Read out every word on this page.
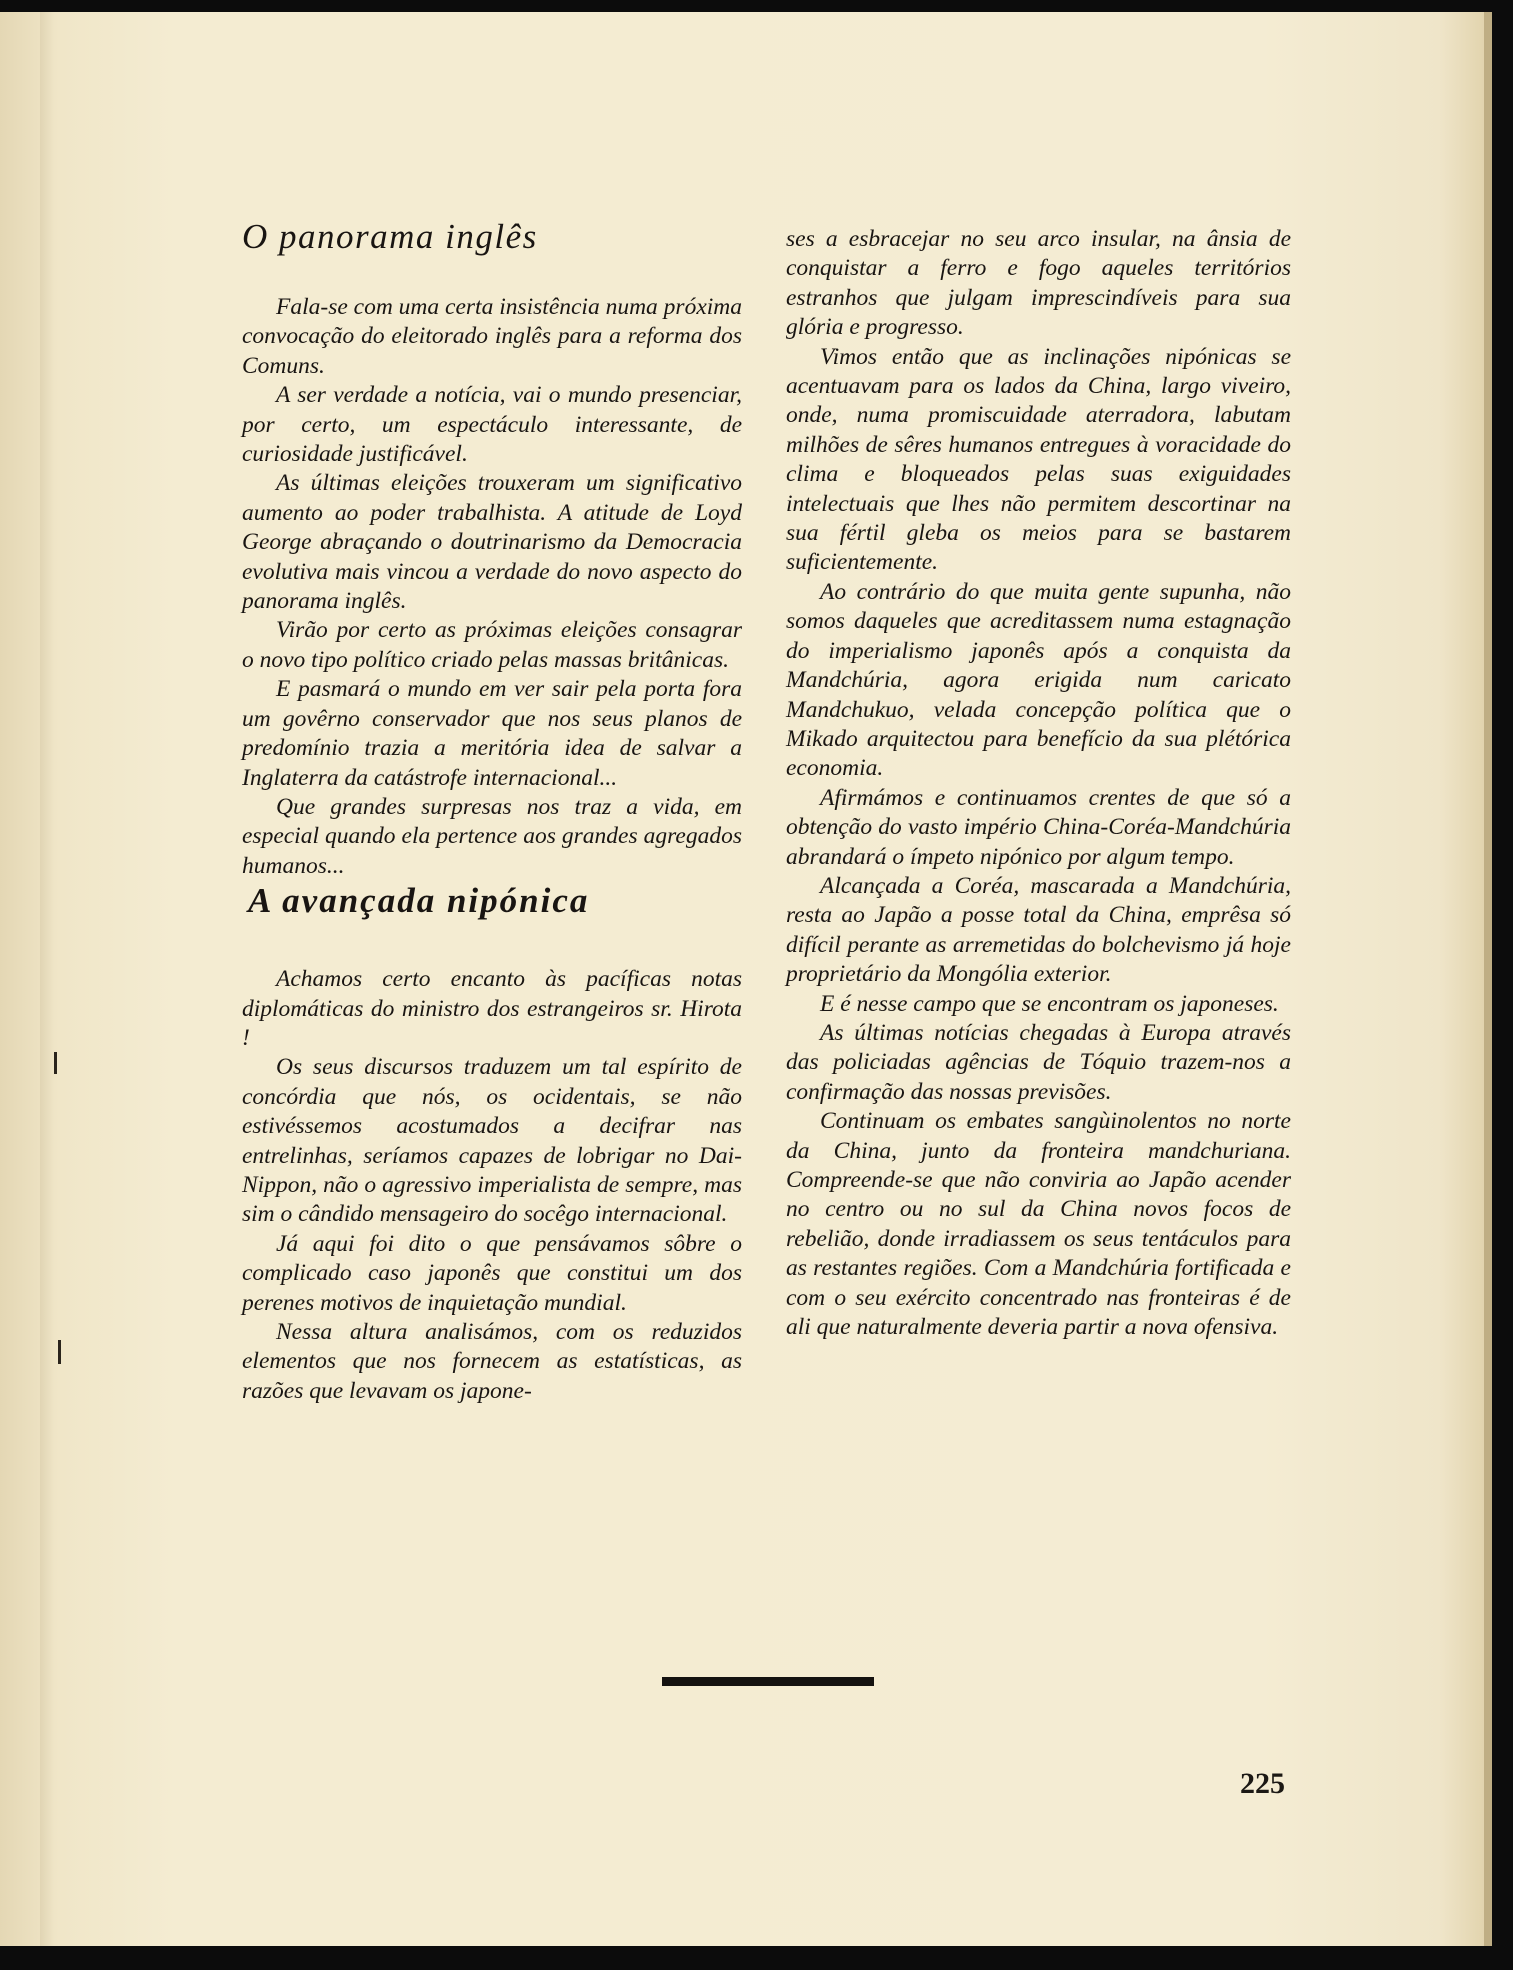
O panorama inglês

Fala-se com uma certa insistência numa próxima convocação do eleitorado inglês para a reforma dos Comuns.

A ser verdade a notícia, vai o mundo presenciar, por certo, um espectáculo interessante, de curiosidade justificável.

As últimas eleições trouxeram um significativo aumento ao poder trabalhista. A atitude de Loyd George abraçando o doutrinarismo da Democracia evolutiva mais vincou a verdade do novo aspecto do panorama inglês.

Virão por certo as próximas eleições consagrar o novo tipo político criado pelas massas britânicas.

E pasmará o mundo em ver sair pela porta fora um govêrno conservador que nos seus planos de predomínio trazia a meritória idea de salvar a Inglaterra da catástrofe internacional...

Que grandes surpresas nos traz a vida, em especial quando ela pertence aos grandes agregados humanos...

A avançada nipónica

Achamos certo encanto às pacíficas notas diplomáticas do ministro dos estrangeiros sr. Hirota !

Os seus discursos traduzem um tal espírito de concórdia que nós, os ocidentais, se não estivéssemos acostumados a decifrar nas entrelinhas, seríamos capazes de lobrigar no Dai-Nippon, não o agressivo imperialista de sempre, mas sim o cândido mensageiro do socêgo internacional.

Já aqui foi dito o que pensávamos sôbre o complicado caso japonês que constitui um dos perenes motivos de inquietação mundial.

Nessa altura analisámos, com os reduzidos elementos que nos fornecem as estatísticas, as razões que levavam os japone-

ses a esbracejar no seu arco insular, na ânsia de conquistar a ferro e fogo aqueles territórios estranhos que julgam imprescindíveis para sua glória e progresso.

Vimos então que as inclinações nipónicas se acentuavam para os lados da China, largo viveiro, onde, numa promiscuidade aterradora, labutam milhões de sêres humanos entregues à voracidade do clima e bloqueados pelas suas exiguidades intelectuais que lhes não permitem descortinar na sua fértil gleba os meios para se bastarem suficientemente.

Ao contrário do que muita gente supunha, não somos daqueles que acreditassem numa estagnação do imperialismo japonês após a conquista da Mandchúria, agora erigida num caricato Mandchukuo, velada concepção política que o Mikado arquitectou para benefício da sua plétórica economia.

Afirmámos e continuamos crentes de que só a obtenção do vasto império China-Coréa-Mandchúria abrandará o ímpeto nipónico por algum tempo.

Alcançada a Coréa, mascarada a Mandchúria, resta ao Japão a posse total da China, emprêsa só difícil perante as arremetidas do bolchevismo já hoje proprietário da Mongólia exterior.

E é nesse campo que se encontram os japoneses.

As últimas notícias chegadas à Europa através das policiadas agências de Tóquio trazem-nos a confirmação das nossas previsões.

Continuam os embates sangùinolentos no norte da China, junto da fronteira mandchuriana. Compreende-se que não conviria ao Japão acender no centro ou no sul da China novos focos de rebelião, donde irradiassem os seus tentáculos para as restantes regiões. Com a Mandchúria fortificada e com o seu exército concentrado nas fronteiras é de ali que naturalmente deveria partir a nova ofensiva.

225
